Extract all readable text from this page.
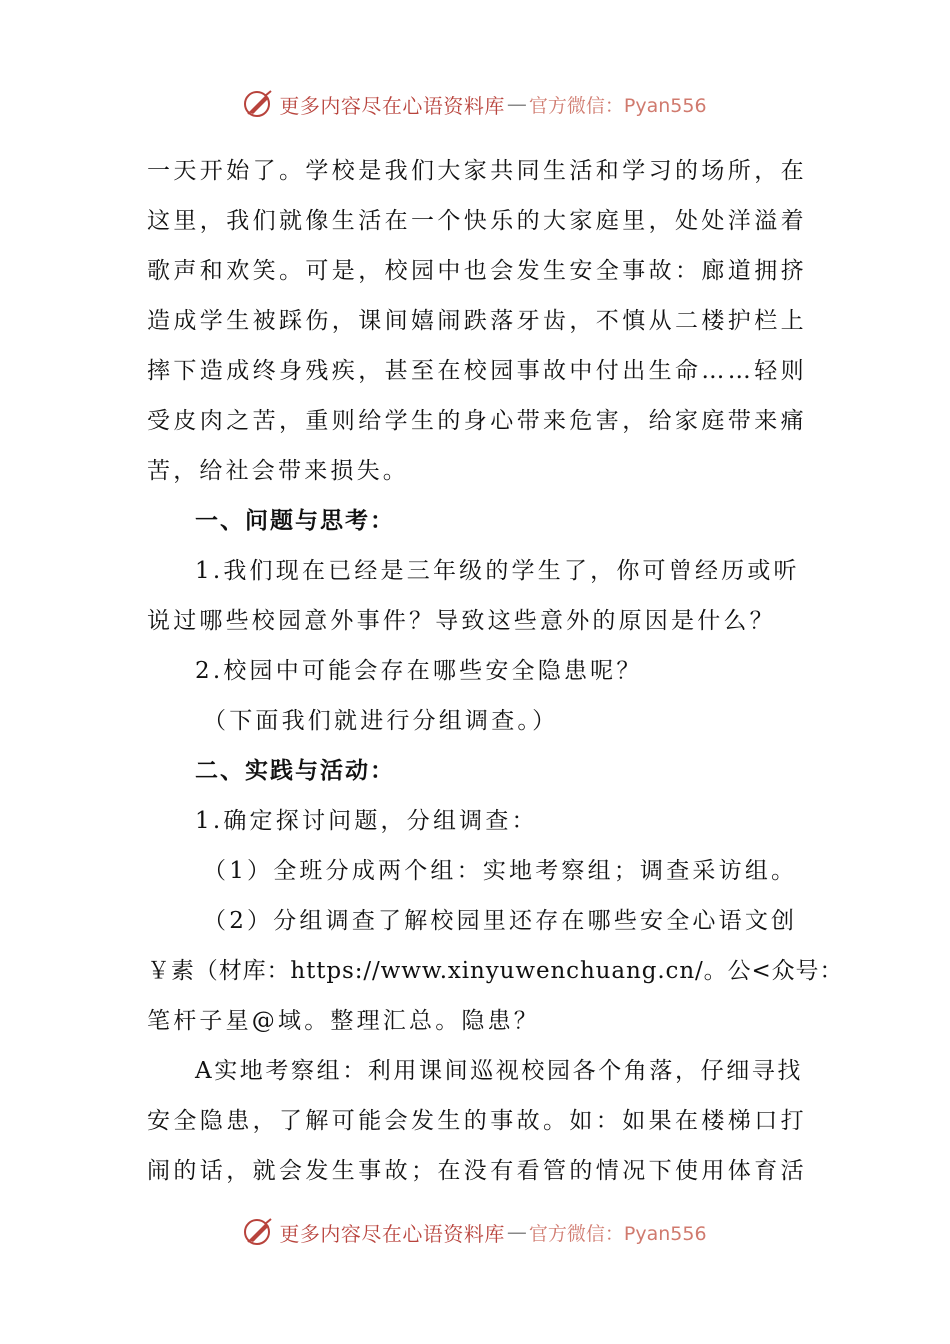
更多内容尽在心语资料库 — 官方微信：Pyan556
一天开始了。学校是我们大家共同生活和学习的场所，在
这里，我们就像生活在一个快乐的大家庭里，处处洋溢着
歌声和欢笑。可是，校园中也会发生安全事故：廊道拥挤
造成学生被踩伤，课间嬉闹跌落牙齿，不慎从二楼护栏上
摔下造成终身残疾，甚至在校园事故中付出生命……轻则
受皮肉之苦，重则给学生的身心带来危害，给家庭带来痛
苦，给社会带来损失。
一、问题与思考：
1.我们现在已经是三年级的学生了，你可曾经历或听
说过哪些校园意外事件？导致这些意外的原因是什么？
2.校园中可能会存在哪些安全隐患呢？
（下面我们就进行分组调查。）
二、实践与活动：
1.确定探讨问题，分组调查：
（1）全班分成两个组：实地考察组；调查采访组。
（2）分组调查了解校园里还存在哪些安全心语文创
￥素（材库：https://www.xinyuwenchuang.cn/。公<众号：
笔杆子星@域。整理汇总。隐患？
A实地考察组：利用课间巡视校园各个角落，仔细寻找
安全隐患，了解可能会发生的事故。如：如果在楼梯口打
闹的话，就会发生事故；在没有看管的情况下使用体育活
更多内容尽在心语资料库 — 官方微信：Pyan556
